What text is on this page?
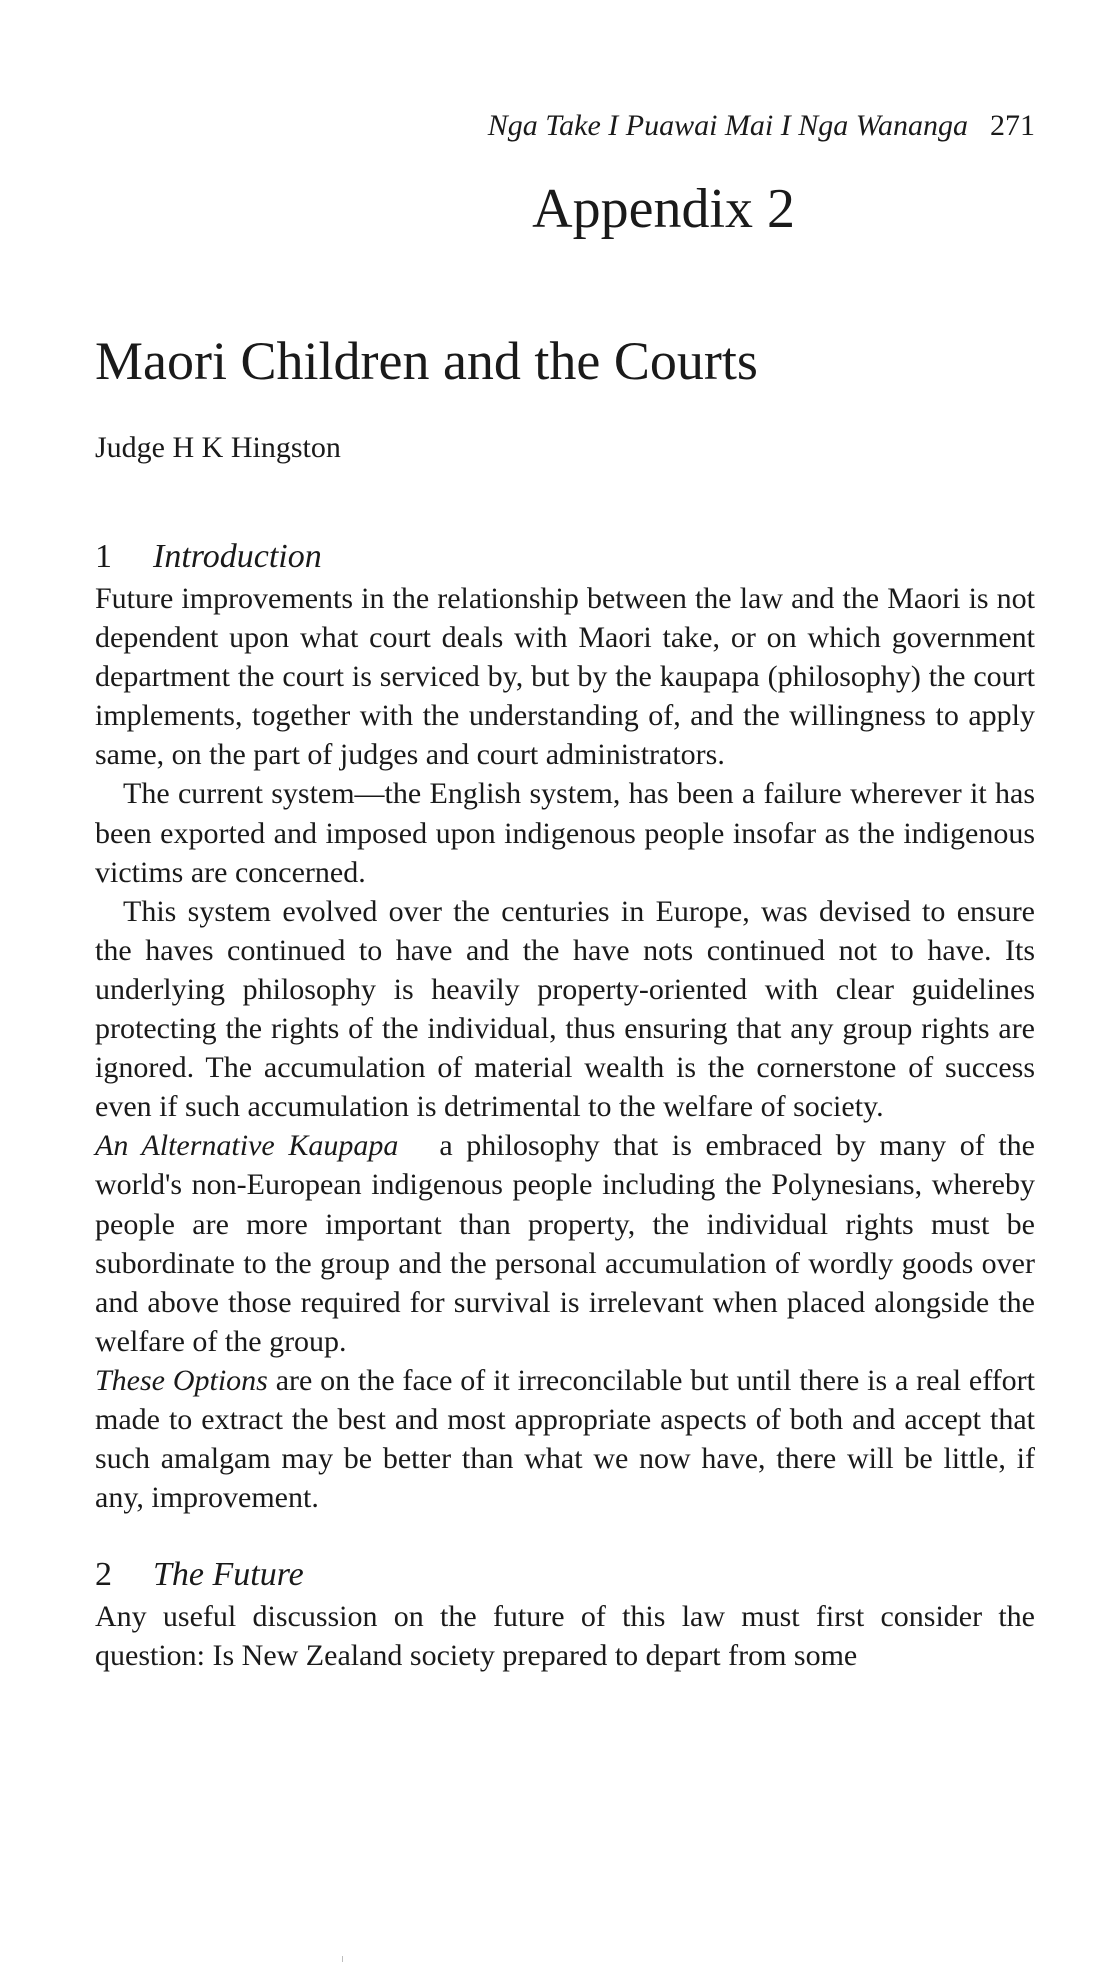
Nga Take I Puawai Mai I Nga Wananga 271
Appendix 2
Maori Children and the Courts
Judge H K Hingston
1 Introduction

Future improvements in the relationship between the law and the Maori is not dependent upon what court deals with Maori take, or on which government department the court is serviced by, but by the kaupapa (philosophy) the court implements, together with the understanding of, and the willingness to apply same, on the part of judges and court administrators.

The current system—the English system, has been a failure wherever it has been exported and imposed upon indigenous people insofar as the indigenous victims are concerned.

This system evolved over the centuries in Europe, was devised to ensure the haves continued to have and the have nots continued not to have. Its underlying philosophy is heavily property-oriented with clear guidelines protecting the rights of the individual, thus ensuring that any group rights are ignored. The accumulation of material wealth is the cornerstone of success even if such accumulation is detrimental to the welfare of society.

An Alternative Kaupapa a philosophy that is embraced by many of the world's non-European indigenous people including the Polynesians, whereby people are more important than property, the individual rights must be subordinate to the group and the personal accumulation of wordly goods over and above those required for survival is irrelevant when placed alongside the welfare of the group.

These Options are on the face of it irreconcilable but until there is a real effort made to extract the best and most appropriate aspects of both and accept that such amalgam may be better than what we now have, there will be little, if any, improvement.

2 The Future

Any useful discussion on the future of this law must first consider the question: Is New Zealand society prepared to depart from some
